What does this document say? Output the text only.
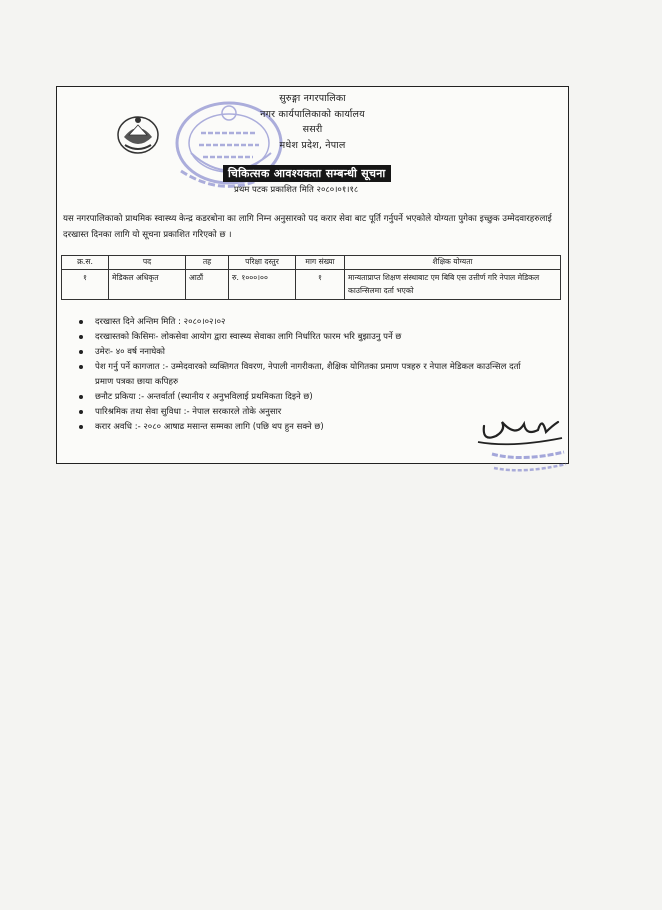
सुरुङ्गा नगरपालिका
नगर कार्यपालिकाको कार्यालय
ससरी
मधेश प्रदेश, नेपाल
चिकित्सक आवश्यकता सम्बन्धी सूचना
प्रथम पटक प्रकाशित मिति २०८०।०१।१८
यस नगरपालिकाको प्राथमिक स्वास्थ्य केन्द्र कडरबोना का लागि निम्न अनुसारको पद करार सेवा बाट पूर्ति गर्नुपर्ने भएकोले योग्यता पुगेका इच्छुक उम्मेदवारहरुलाई दरखास्त दिनका लागि यो सूचना प्रकाशित गरिएको छ ।
क्र.स.	पद	तह	परिक्षा दस्तुर	माग संख्या	शैक्षिक योग्यता
१	मेडिकल अधिकृत	आठौं	रु. १०००।००	१	मान्यताप्राप्त शिक्षण संस्थाबाट एम बिबि एस उत्तीर्ण गरि नेपाल मेडिकल काउन्सिलमा दर्ता भएको
दरखास्त दिने अन्तिम मिति : २०८०।०२।०२
दरखास्तको किसिमः- लोकसेवा आयोग द्वारा स्वास्थ्य सेवाका लागि निर्धारित फारम भरि बुझाउनु पर्ने छ
उमेरः- ४० वर्ष ननाघेको
पेश गर्नु पर्ने कागजात :- उम्मेदवारको व्यक्तिगत विवरण, नेपाली नागरीकता, शैक्षिक योगितका प्रमाण पत्रहरु र नेपाल मेडिकल काउन्सिल दर्ता प्रमाण पत्रका छाया कपिहरु
छनौट प्रकिया :- अन्तर्वार्ता (स्थानीय र अनुभविलाई प्रथमिकता दिइने छ)
पारिश्रमिक तथा सेवा सुविधा :- नेपाल सरकारले तोके अनुसार
करार अवधि :- २०८० आषाढ मसान्त सम्मका लागि (पछि थप हुन सक्ने छ)
